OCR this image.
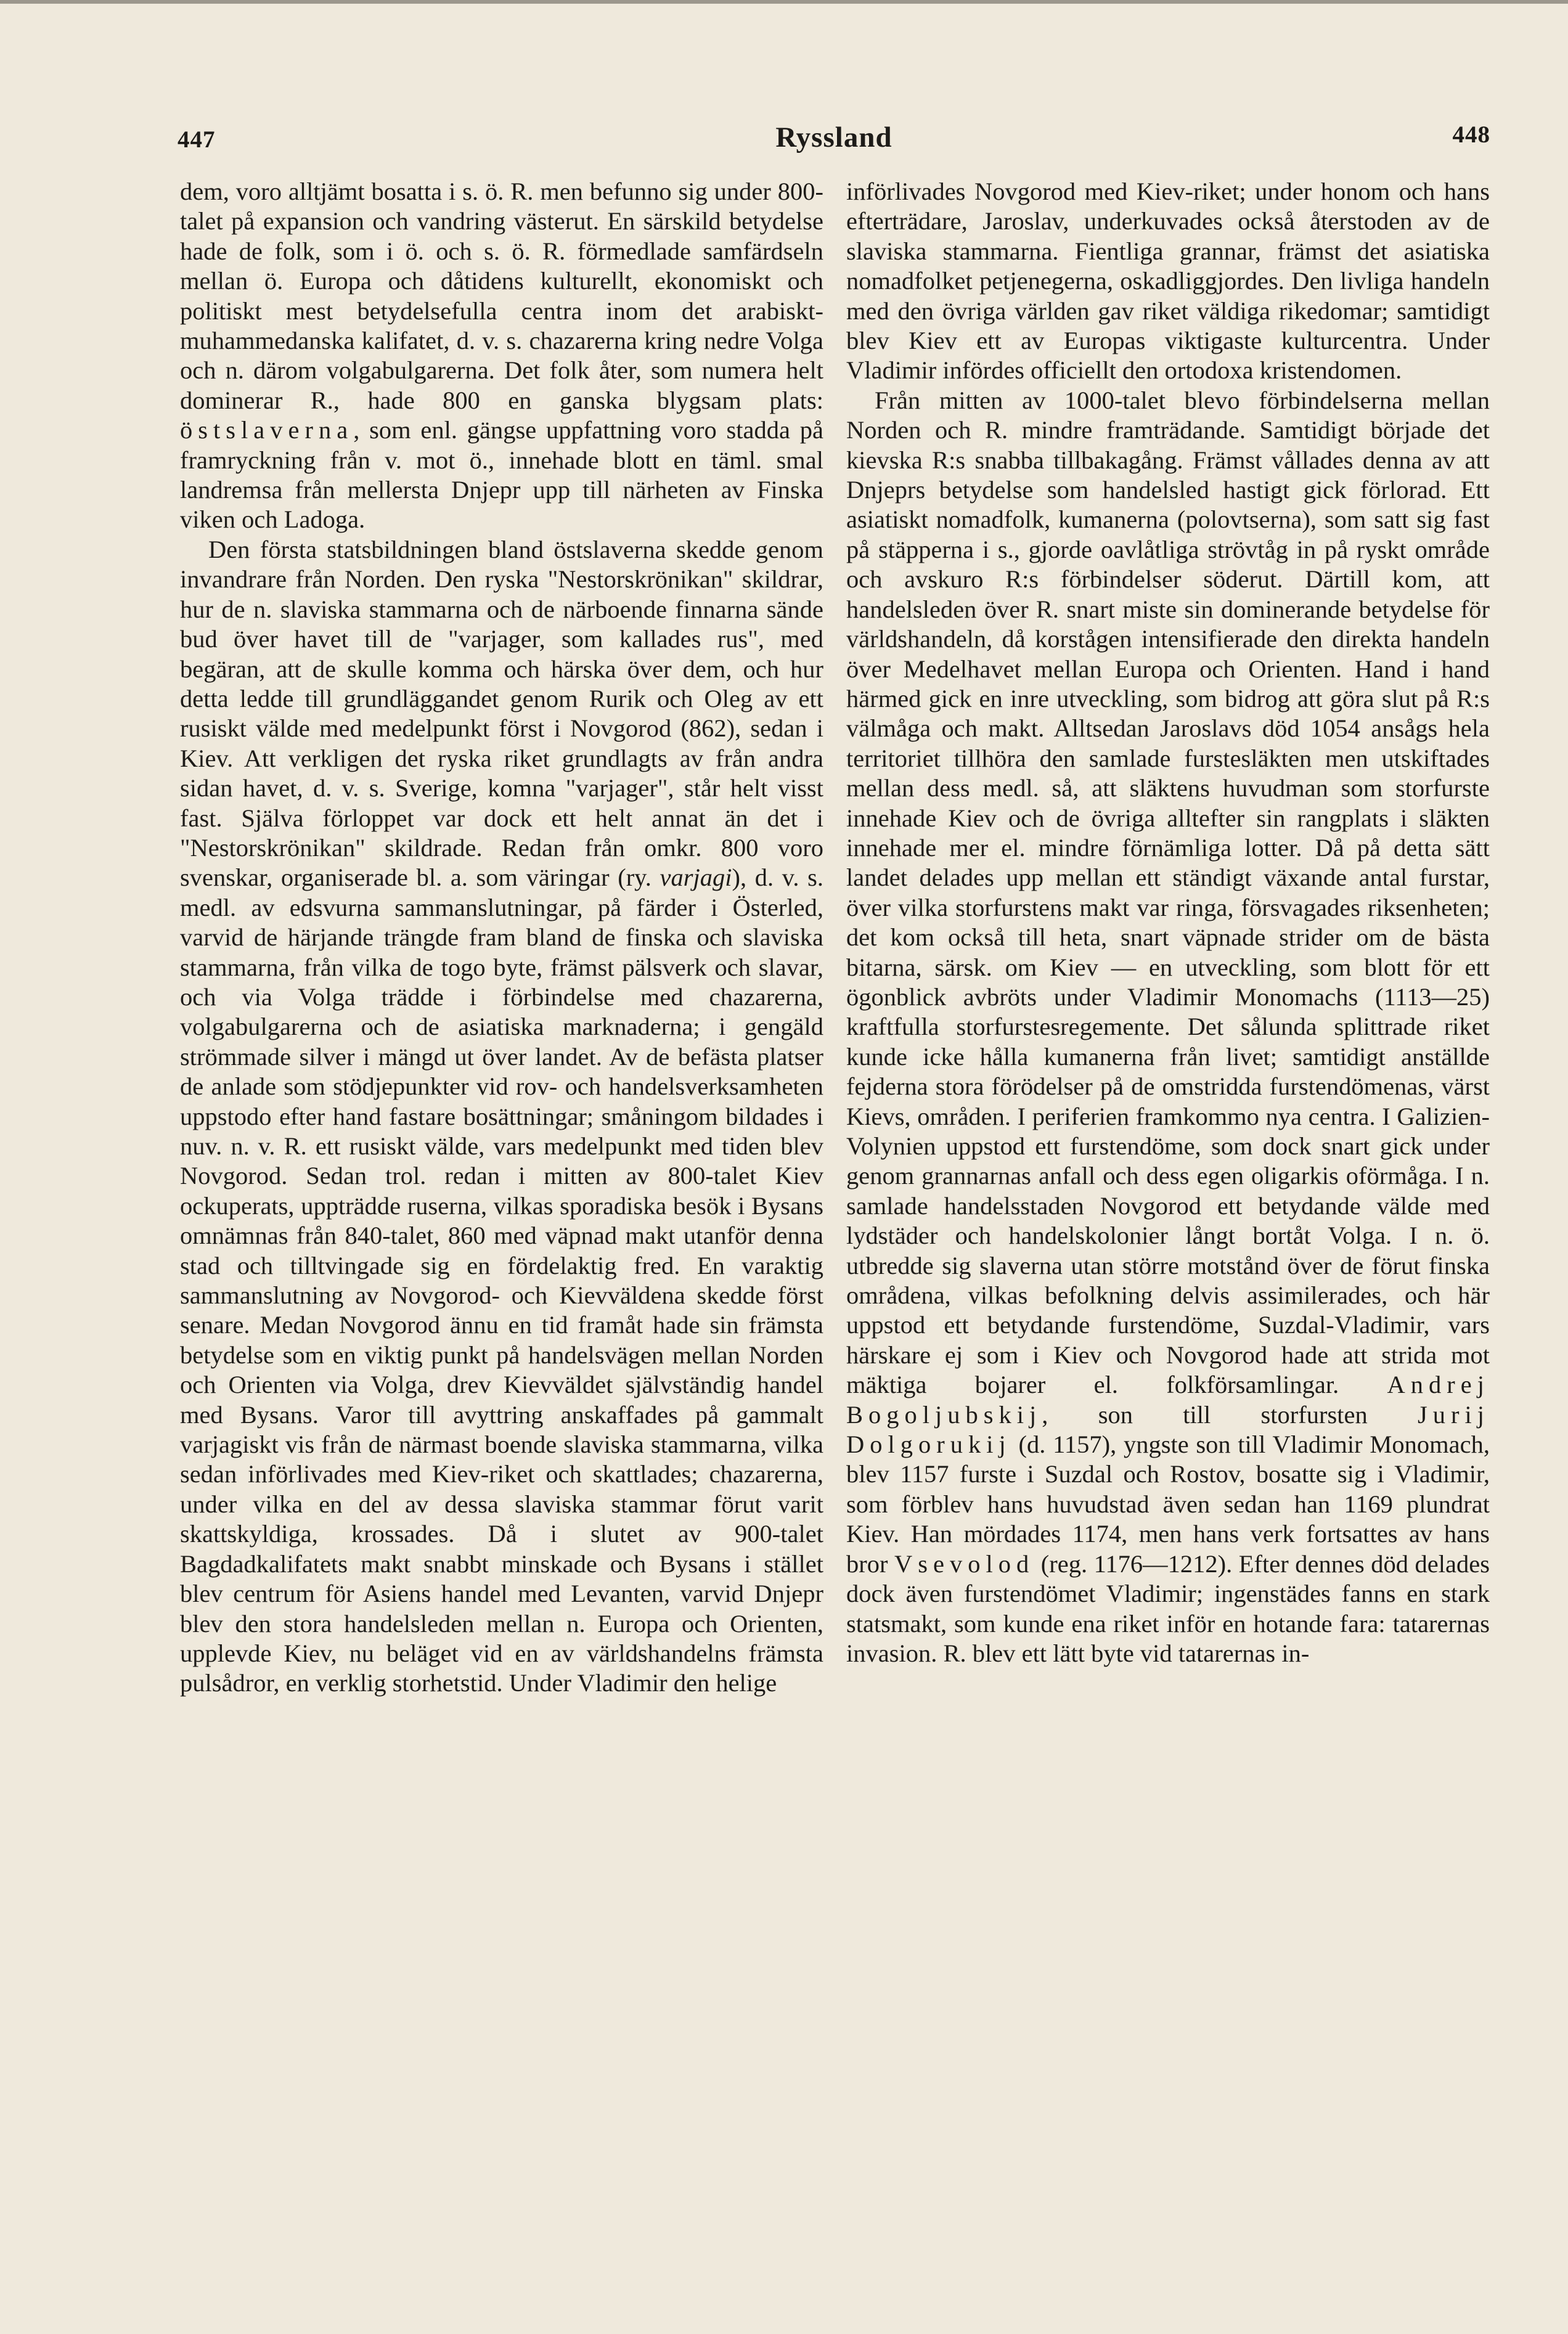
447	Ryssland	448

dem, voro alltjämt bosatta i s. ö. R. men befunno sig under 800-talet på expansion och vandring västerut. En särskild betydelse hade de folk, som i ö. och s. ö. R. förmedlade samfärdseln mellan ö. Europa och dåtidens kulturellt, ekonomiskt och politiskt mest betydelsefulla centra inom det arabiskt-muhammedanska kalifatet, d. v. s. chazarerna kring nedre Volga och n. därom volgabulgarerna. Det folk åter, som numera helt dominerar R., hade 800 en ganska blygsam plats: östslaverna, som enl. gängse uppfattning voro stadda på framryckning från v. mot ö., innehade blott en täml. smal landremsa från mellersta Dnjepr upp till närheten av Finska viken och Ladoga.

Den första statsbildningen bland östslaverna skedde genom invandrare från Norden. Den ryska "Nestorskrönikan" skildrar, hur de n. slaviska stammarna och de närboende finnarna sände bud över havet till de "varjager, som kallades rus", med begäran, att de skulle komma och härska över dem, och hur detta ledde till grundläggandet genom Rurik och Oleg av ett rusiskt välde med medelpunkt först i Novgorod (862), sedan i Kiev. Att verkligen det ryska riket grundlagts av från andra sidan havet, d. v. s. Sverige, komna "varjager", står helt visst fast. Själva förloppet var dock ett helt annat än det i "Nestorskrönikan" skildrade. Redan från omkr. 800 voro svenskar, organiserade bl. a. som väringar (ry. varjagi), d. v. s. medl. av edsvurna sammanslutningar, på färder i Österled, varvid de härjande trängde fram bland de finska och slaviska stammarna, från vilka de togo byte, främst pälsverk och slavar, och via Volga trädde i förbindelse med chazarerna, volgabulgarerna och de asiatiska marknaderna; i gengäld strömmade silver i mängd ut över landet. Av de befästa platser de anlade som stödjepunkter vid rov- och handelsverksamheten uppstodo efter hand fastare bosättningar; småningom bildades i nuv. n. v. R. ett rusiskt välde, vars medelpunkt med tiden blev Novgorod. Sedan trol. redan i mitten av 800-talet Kiev ockuperats, uppträdde ruserna, vilkas sporadiska besök i Bysans omnämnas från 840-talet, 860 med väpnad makt utanför denna stad och tilltvingade sig en fördelaktig fred. En varaktig sammanslutning av Novgorod- och Kievväldena skedde först senare. Medan Novgorod ännu en tid framåt hade sin främsta betydelse som en viktig punkt på handelsvägen mellan Norden och Orienten via Volga, drev Kievväldet självständig handel med Bysans. Varor till avyttring anskaffades på gammalt varjagiskt vis från de närmast boende slaviska stammarna, vilka sedan införlivades med Kiev-riket och skattlades; chazarerna, under vilka en del av dessa slaviska stammar förut varit skattskyldiga, krossades. Då i slutet av 900-talet Bagdadkalifatets makt snabbt minskade och Bysans i stället blev centrum för Asiens handel med Levanten, varvid Dnjepr blev den stora handelsleden mellan n. Europa och Orienten, upplevde Kiev, nu beläget vid en av världshandelns främsta pulsådror, en verklig storhetstid. Under Vladimir den helige

införlivades Novgorod med Kiev-riket; under honom och hans efterträdare, Jaroslav, underkuvades också återstoden av de slaviska stammarna. Fientliga grannar, främst det asiatiska nomadfolket petjenegerna, oskadliggjordes. Den livliga handeln med den övriga världen gav riket väldiga rikedomar; samtidigt blev Kiev ett av Europas viktigaste kulturcentra. Under Vladimir infördes officiellt den ortodoxa kristendomen.

Från mitten av 1000-talet blevo förbindelserna mellan Norden och R. mindre framträdande. Samtidigt började det kievska R:s snabba tillbakagång. Främst vållades denna av att Dnjeprs betydelse som handelsled hastigt gick förlorad. Ett asiatiskt nomadfolk, kumanerna (polovtserna), som satt sig fast på stäpperna i s., gjorde oavlåtliga strövtåg in på ryskt område och avskuro R:s förbindelser söderut. Därtill kom, att handelsleden över R. snart miste sin dominerande betydelse för världshandeln, då korstågen intensifierade den direkta handeln över Medelhavet mellan Europa och Orienten. Hand i hand härmed gick en inre utveckling, som bidrog att göra slut på R:s välmåga och makt. Alltsedan Jaroslavs död 1054 ansågs hela territoriet tillhöra den samlade furstesläkten men utskiftades mellan dess medl. så, att släktens huvudman som storfurste innehade Kiev och de övriga alltefter sin rangplats i släkten innehade mer el. mindre förnämliga lotter. Då på detta sätt landet delades upp mellan ett ständigt växande antal furstar, över vilka storfurstens makt var ringa, försvagades riksenheten; det kom också till heta, snart väpnade strider om de bästa bitarna, särsk. om Kiev — en utveckling, som blott för ett ögonblick avbröts under Vladimir Monomachs (1113—25) kraftfulla storfurstesregemente. Det sålunda splittrade riket kunde icke hålla kumanerna från livet; samtidigt anställde fejderna stora förödelser på de omstridda furstendömenas, värst Kievs, områden. I periferien framkommo nya centra. I Galizien-Volynien uppstod ett furstendöme, som dock snart gick under genom grannarnas anfall och dess egen oligarkis oförmåga. I n. samlade handelsstaden Novgorod ett betydande välde med lydstäder och handelskolonier långt bortåt Volga. I n. ö. utbredde sig slaverna utan större motstånd över de förut finska områdena, vilkas befolkning delvis assimilerades, och här uppstod ett betydande furstendöme, Suzdal-Vladimir, vars härskare ej som i Kiev och Novgorod hade att strida mot mäktiga bojarer el. folkförsamlingar. Andrej Bogoljubskij, son till storfursten Jurij Dolgorukij (d. 1157), yngste son till Vladimir Monomach, blev 1157 furste i Suzdal och Rostov, bosatte sig i Vladimir, som förblev hans huvudstad även sedan han 1169 plundrat Kiev. Han mördades 1174, men hans verk fortsattes av hans bror Vsevolod (reg. 1176—1212). Efter dennes död delades dock även furstendömet Vladimir; ingenstädes fanns en stark statsmakt, som kunde ena riket inför en hotande fara: tatarernas invasion. R. blev ett lätt byte vid tatarernas in-
